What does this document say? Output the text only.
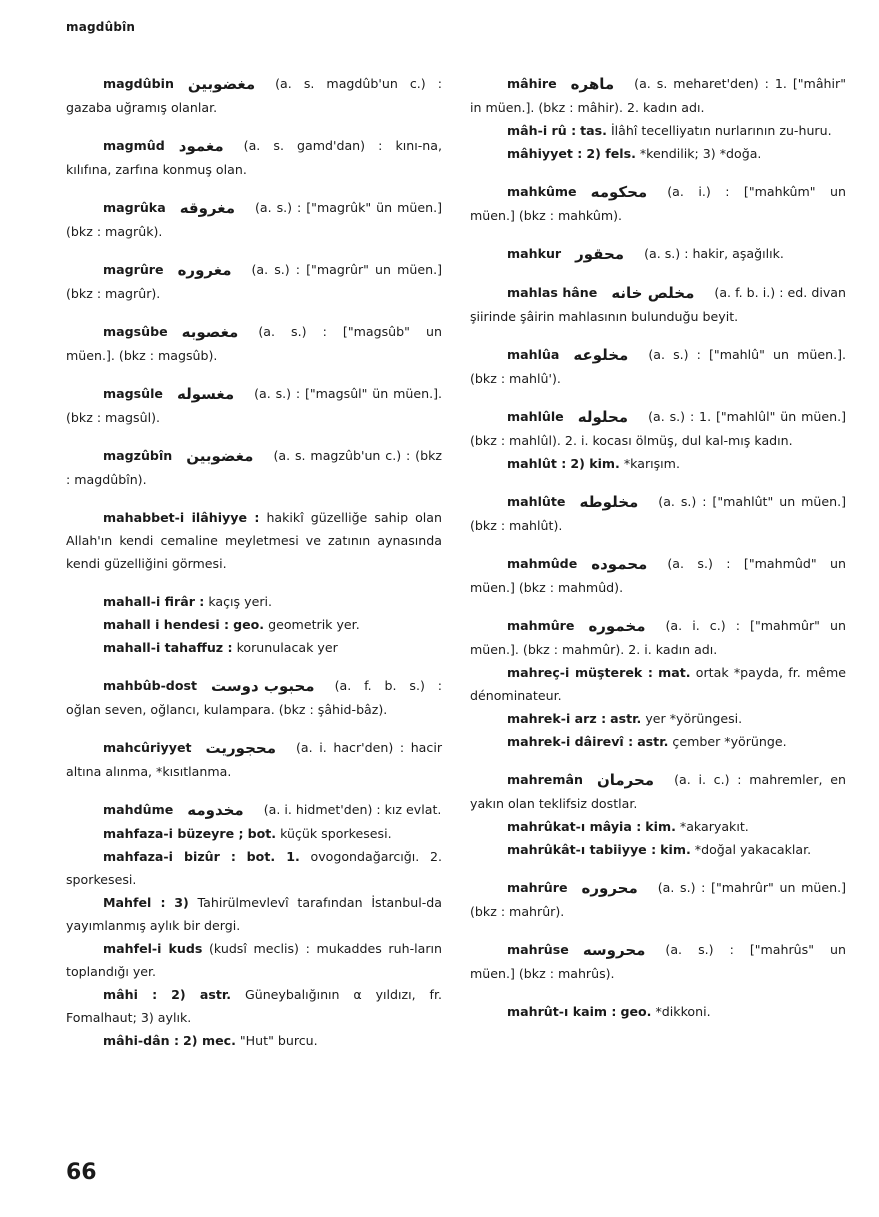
magdûbîn
magdûbin مغضوبين (a. s. magdûb'un c.) : gazaba uğramış olanlar.
magmûd مغمود (a. s. gamd'dan) : kını-na, kılıfına, zarfına konmuş olan.
magrûka مغروقه (a. s.) : ["magrûk" ün müen.] (bkz : magrûk).
magrûre مغروره (a. s.) : ["magrûr" un müen.] (bkz : magrûr).
magsûbe مغصوبه (a. s.) : ["magsûb" un müen.]. (bkz : magsûb).
magsûle مغسوله (a. s.) : ["magsûl" ün müen.]. (bkz : magsûl).
magzûbîn مغضوبين (a. s. magzûb'un c.) : (bkz : magdûbîn).
mahabbet-i ilâhiyye : hakikî güzelliğe sahip olan Allah'ın kendi cemaline meyletmesi ve zatının aynasında kendi güzelliğini görmesi.
mahall-i firâr : kaçış yeri.
mahall i hendesi : geo. geometrik yer.
mahall-i tahaffuz : korunulacak yer
mahbûb-dost محبوب دوست (a. f. b. s.) : oğlan seven, oğlancı, kulampara. (bkz : şâhid-bâz).
mahcûriyyet محجوريت (a. i. hacr'den) : hacir altına alınma, *kısıtlanma.
mahdûme مخدومه (a. i. hidmet'den) : kız evlat.
mahfaza-i büzeyre ; bot. küçük sporkesesi.
mahfaza-i bizûr : bot. 1. ovogondağarcığı. 2. sporkesesi.
Mahfel : 3) Tahirülmevlevî tarafından İstanbul-da yayımlanmış aylık bir dergi.
mahfel-i kuds (kudsî meclis) : mukaddes ruh-ların toplandığı yer.
mâhi : 2) astr. Güneybalığının α yıldızı, fr. Fomalhaut; 3) aylık.
mâhi-dân : 2) mec. "Hut" burcu.
mâhire ماهره (a. s. meharet'den) : 1. ["mâhir" in müen.]. (bkz : mâhir). 2. kadın adı.
mâh-i rû : tas. İlâhî tecelliyatın nurlarının zu-huru.
mâhiyyet : 2) fels. *kendilik; 3) *doğa.
mahkûme محكومه (a. i.) : ["mahkûm" un müen.] (bkz : mahkûm).
mahkur محقور (a. s.) : hakir, aşağılık.
mahlas hâne مخلص خانه (a. f. b. i.) : ed. divan şiirinde şâirin mahlasının bulunduğu beyit.
mahlûa مخلوعه (a. s.) : ["mahlû" un müen.]. (bkz : mahlû').
mahlûle محلوله (a. s.) : 1. ["mahlûl" ün müen.] (bkz : mahlûl). 2. i. kocası ölmüş, dul kal-mış kadın.
mahlût : 2) kim. *karışım.
mahlûte مخلوطه (a. s.) : ["mahlût" un müen.] (bkz : mahlût).
mahmûde محموده (a. s.) : ["mahmûd" un müen.] (bkz : mahmûd).
mahmûre مخموره (a. i. c.) : ["mahmûr" un müen.]. (bkz : mahmûr). 2. i. kadın adı.
mahreç-i müşterek : mat. ortak *payda, fr. même dénominateur.
mahrek-i arz : astr. yer *yörüngesi.
mahrek-i dâirevî : astr. çember *yörünge.
mahremân محرمان (a. i. c.) : mahremler, en yakın olan teklifsiz dostlar.
mahrûkat-ı mâyia : kim. *akaryakıt.
mahrûkât-ı tabiiyye : kim. *doğal yakacaklar.
mahrûre محروره (a. s.) : ["mahrûr" un müen.] (bkz : mahrûr).
mahrûse محروسه (a. s.) : ["mahrûs" un müen.] (bkz : mahrûs).
mahrût-ı kaim : geo. *dikkoni.
66
